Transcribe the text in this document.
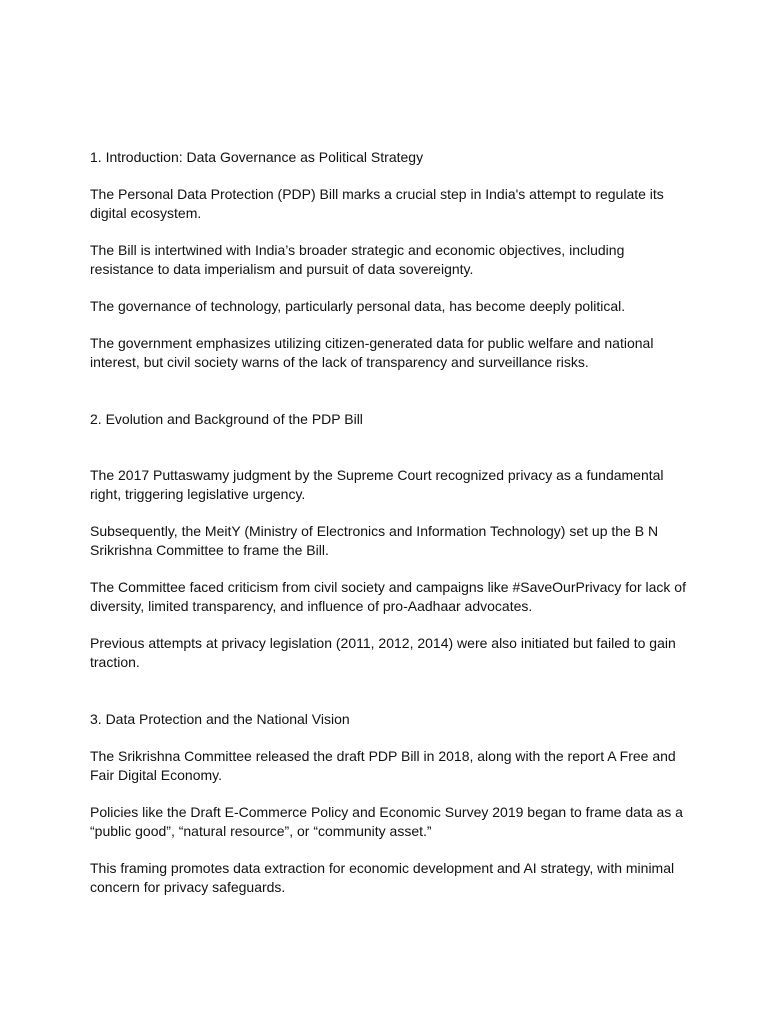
1. Introduction: Data Governance as Political Strategy

The Personal Data Protection (PDP) Bill marks a crucial step in India's attempt to regulate its digital ecosystem.

The Bill is intertwined with India’s broader strategic and economic objectives, including resistance to data imperialism and pursuit of data sovereignty.

The governance of technology, particularly personal data, has become deeply political.

The government emphasizes utilizing citizen-generated data for public welfare and national interest, but civil society warns of the lack of transparency and surveillance risks.

2. Evolution and Background of the PDP Bill

The 2017 Puttaswamy judgment by the Supreme Court recognized privacy as a fundamental right, triggering legislative urgency.

Subsequently, the MeitY (Ministry of Electronics and Information Technology) set up the B N Srikrishna Committee to frame the Bill.

The Committee faced criticism from civil society and campaigns like #SaveOurPrivacy for lack of diversity, limited transparency, and influence of pro-Aadhaar advocates.

Previous attempts at privacy legislation (2011, 2012, 2014) were also initiated but failed to gain traction.

3. Data Protection and the National Vision

The Srikrishna Committee released the draft PDP Bill in 2018, along with the report A Free and Fair Digital Economy.

Policies like the Draft E-Commerce Policy and Economic Survey 2019 began to frame data as a “public good”, “natural resource”, or “community asset.”

This framing promotes data extraction for economic development and AI strategy, with minimal concern for privacy safeguards.
